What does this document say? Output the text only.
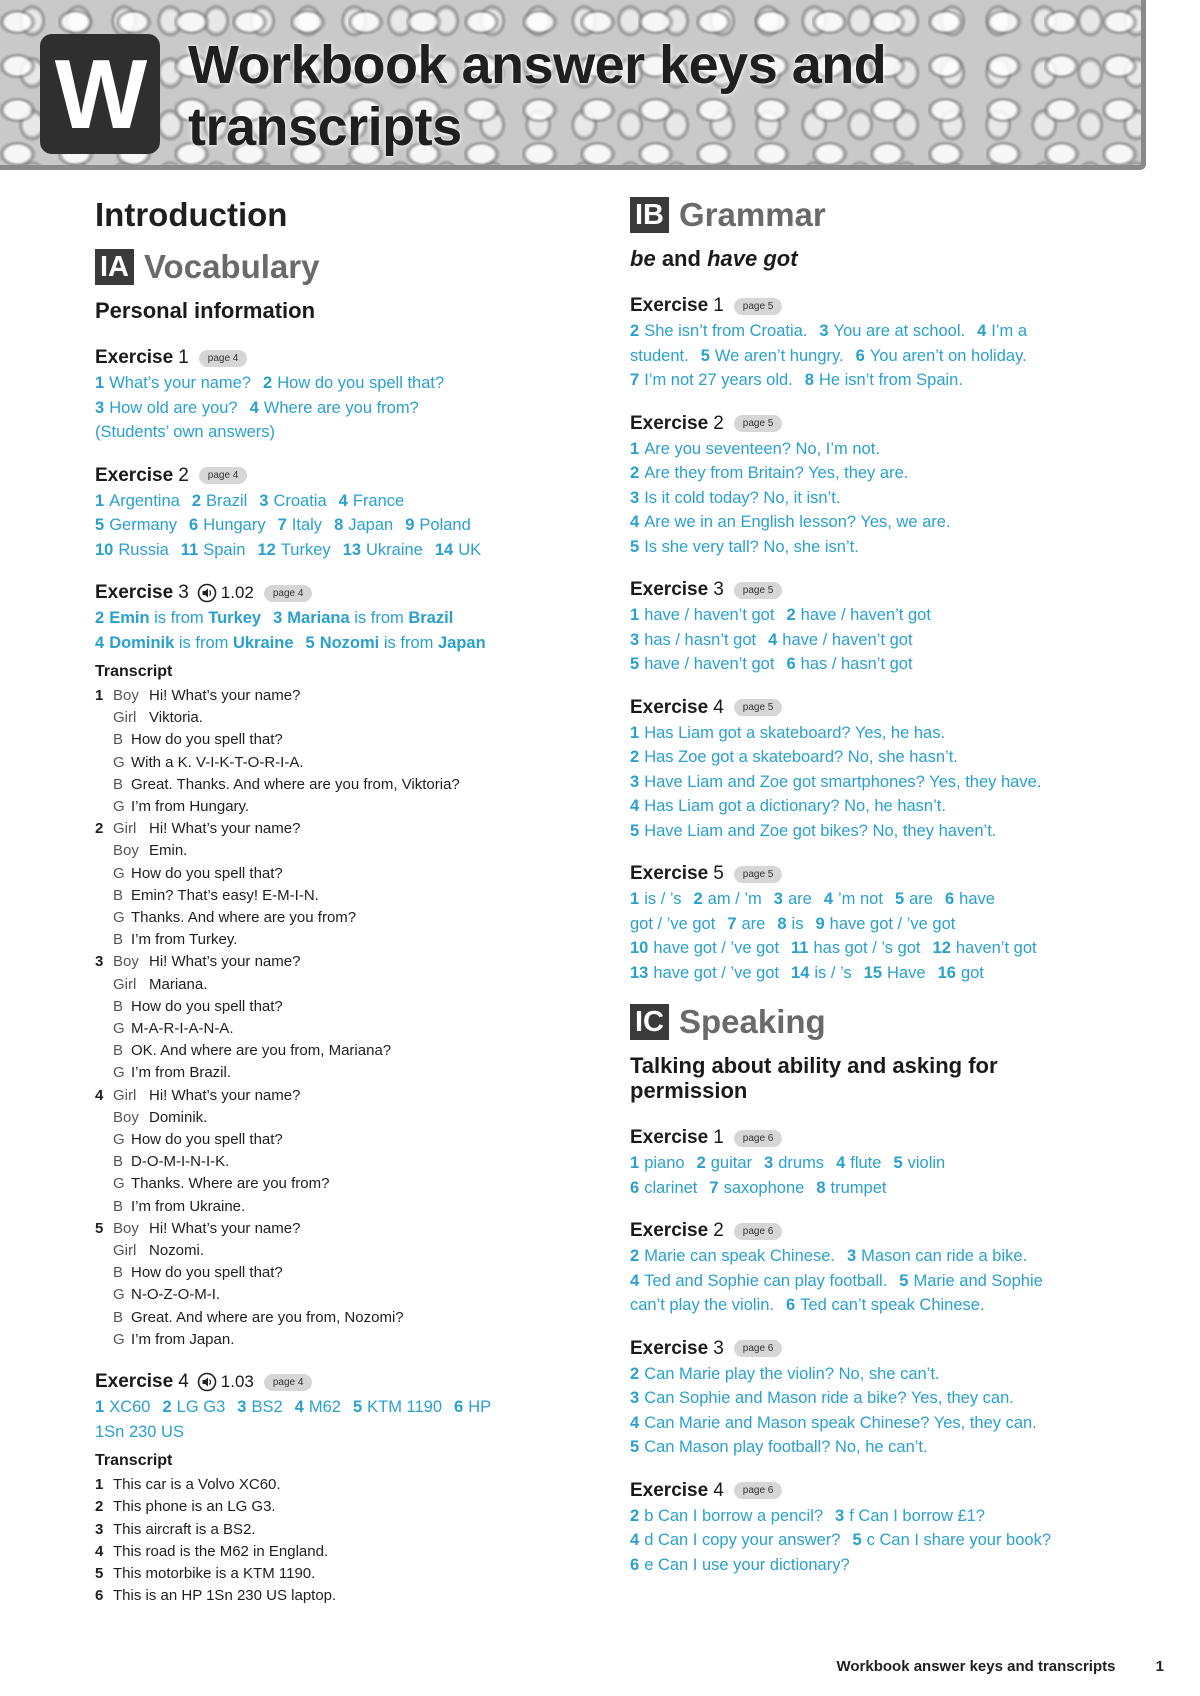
W Workbook answer keys and transcripts
Introduction
IA Vocabulary
Personal information
Exercise 1	page 4
1 What’s your name? 2 How do you spell that?
3 How old are you? 4 Where are you from?
(Students’ own answers)
Exercise 2	page 4
1 Argentina 2 Brazil 3 Croatia 4 France
5 Germany 6 Hungary 7 Italy 8 Japan 9 Poland
10 Russia 11 Spain 12 Turkey 13 Ukraine 14 UK
Exercise 3 1.02	page 4
2 Emin is from Turkey 3 Mariana is from Brazil
4 Dominik is from Ukraine 5 Nozomi is from Japan
Transcript
1 Boy Hi! What’s your name?
Girl Viktoria.
B How do you spell that?
G With a K. V-I-K-T-O-R-I-A.
B Great. Thanks. And where are you from, Viktoria?
G I’m from Hungary.
2 Girl Hi! What’s your name?
Boy Emin.
G How do you spell that?
B Emin? That’s easy! E-M-I-N.
G Thanks. And where are you from?
B I’m from Turkey.
3 Boy Hi! What’s your name?
Girl Mariana.
B How do you spell that?
G M-A-R-I-A-N-A.
B OK. And where are you from, Mariana?
G I’m from Brazil.
4 Girl Hi! What’s your name?
Boy Dominik.
G How do you spell that?
B D-O-M-I-N-I-K.
G Thanks. Where are you from?
B I’m from Ukraine.
5 Boy Hi! What’s your name?
Girl Nozomi.
B How do you spell that?
G N-O-Z-O-M-I.
B Great. And where are you from, Nozomi?
G I’m from Japan.
Exercise 4 1.03	page 4
1 XC60 2 LG G3 3 BS2 4 M62 5 KTM 1190 6 HP
1Sn 230 US
Transcript
1 This car is a Volvo XC60.
2 This phone is an LG G3.
3 This aircraft is a BS2.
4 This road is the M62 in England.
5 This motorbike is a KTM 1190.
6 This is an HP 1Sn 230 US laptop.
IB Grammar
be and have got
Exercise 1	page 5
2 She isn’t from Croatia. 3 You are at school. 4 I’m a
student. 5 We aren’t hungry. 6 You aren’t on holiday.
7 I’m not 27 years old. 8 He isn’t from Spain.
Exercise 2	page 5
1 Are you seventeen? No, I’m not.
2 Are they from Britain? Yes, they are.
3 Is it cold today? No, it isn’t.
4 Are we in an English lesson? Yes, we are.
5 Is she very tall? No, she isn’t.
Exercise 3	page 5
1 have / haven’t got 2 have / haven’t got
3 has / hasn’t got 4 have / haven’t got
5 have / haven’t got 6 has / hasn’t got
Exercise 4	page 5
1 Has Liam got a skateboard? Yes, he has.
2 Has Zoe got a skateboard? No, she hasn’t.
3 Have Liam and Zoe got smartphones? Yes, they have.
4 Has Liam got a dictionary? No, he hasn’t.
5 Have Liam and Zoe got bikes? No, they haven’t.
Exercise 5	page 5
1 is / ’s 2 am / ’m 3 are 4 ’m not 5 are 6 have
got / ’ve got 7 are 8 is 9 have got / ’ve got
10 have got / ’ve got 11 has got / ’s got 12 haven’t got
13 have got / ’ve got 14 is / ’s 15 Have 16 got
IC Speaking
Talking about ability and asking for permission
Exercise 1	page 6
1 piano 2 guitar 3 drums 4 flute 5 violin
6 clarinet 7 saxophone 8 trumpet
Exercise 2	page 6
2 Marie can speak Chinese. 3 Mason can ride a bike.
4 Ted and Sophie can play football. 5 Marie and Sophie
can’t play the violin. 6 Ted can’t speak Chinese.
Exercise 3	page 6
2 Can Marie play the violin? No, she can’t.
3 Can Sophie and Mason ride a bike? Yes, they can.
4 Can Marie and Mason speak Chinese? Yes, they can.
5 Can Mason play football? No, he can’t.
Exercise 4	page 6
2 b Can I borrow a pencil? 3 f Can I borrow £1?
4 d Can I copy your answer? 5 c Can I share your book?
6 e Can I use your dictionary?
Workbook answer keys and transcripts	1
